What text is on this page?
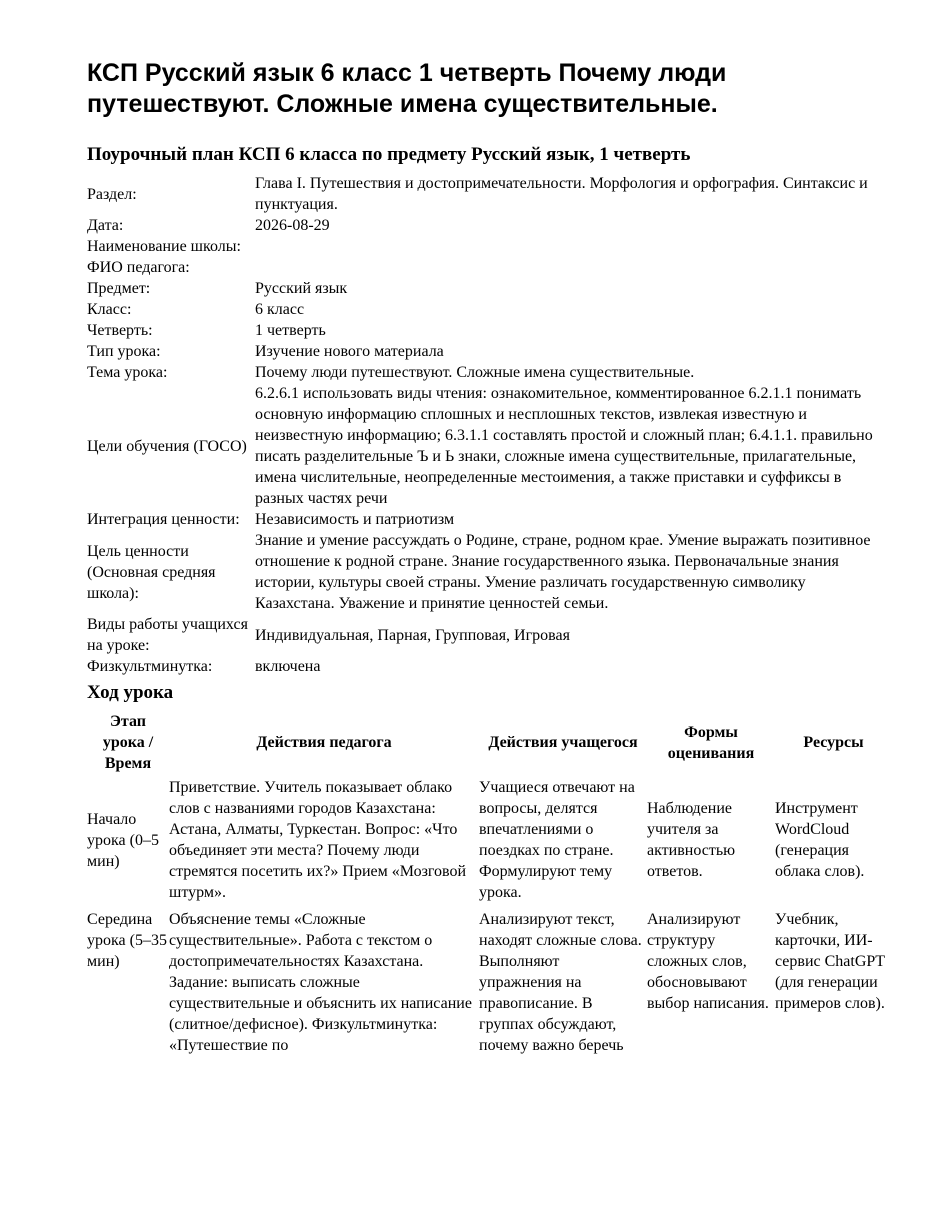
КСП Русский язык 6 класс 1 четверть Почему люди путешествуют. Сложные имена существительные.
Поурочный план КСП 6 класса по предмету Русский язык, 1 четверть
Раздел:	Глава I. Путешествия и достопримечательности. Морфология и орфография. Синтаксис и пунктуация.
Дата:	2026-08-29
Наименование школы:	
ФИО педагога:	
Предмет:	Русский язык
Класс:	6 класс
Четверть:	1 четверть
Тип урока:	Изучение нового материала
Тема урока:	Почему люди путешествуют. Сложные имена существительные.
Цели обучения (ГОСО)	6.2.6.1 использовать виды чтения: ознакомительное, комментированное 6.2.1.1 понимать основную информацию сплошных и несплошных текстов, извлекая известную и неизвестную информацию; 6.3.1.1 составлять простой и сложный план; 6.4.1.1. правильно писать разделительные Ъ и Ь знаки, сложные имена существительные, прилагательные, имена числительные, неопределенные местоимения, а также приставки и суффиксы в разных частях речи
Интеграция ценности:	Независимость и патриотизм
Цель ценности (Основная средняя школа):	Знание и умение рассуждать о Родине, стране, родном крае. Умение выражать позитивное отношение к родной стране. Знание государственного языка. Первоначальные знания истории, культуры своей страны. Умение различать государственную символику Казахстана. Уважение и принятие ценностей семьи.
Виды работы учащихся на уроке:	Индивидуальная, Парная, Групповая, Игровая
Физкультминутка:	включена
Ход урока
Этап урока / Время	Действия педагога	Действия учащегося	Формы оценивания	Ресурсы
Начало урока (0–5 мин)	Приветствие. Учитель показывает облако слов с названиями городов Казахстана: Астана, Алматы, Туркестан. Вопрос: «Что объединяет эти места? Почему люди стремятся посетить их?» Прием «Мозговой штурм».	Учащиеся отвечают на вопросы, делятся впечатлениями о поездках по стране. Формулируют тему урока.	Наблюдение учителя за активностью ответов.	Инструмент WordCloud (генерация облака слов).
Середина урока (5–35 мин)	Объяснение темы «Сложные существительные». Работа с текстом о достопримечательностях Казахстана. Задание: выписать сложные существительные и объяснить их написание (слитное/дефисное). Физкультминутка: «Путешествие по	Анализируют текст, находят сложные слова. Выполняют упражнения на правописание. В группах обсуждают, почему важно беречь	Анализируют структуру сложных слов, обосновывают выбор написания.	Учебник, карточки, ИИ-сервис ChatGPT (для генерации примеров слов).
